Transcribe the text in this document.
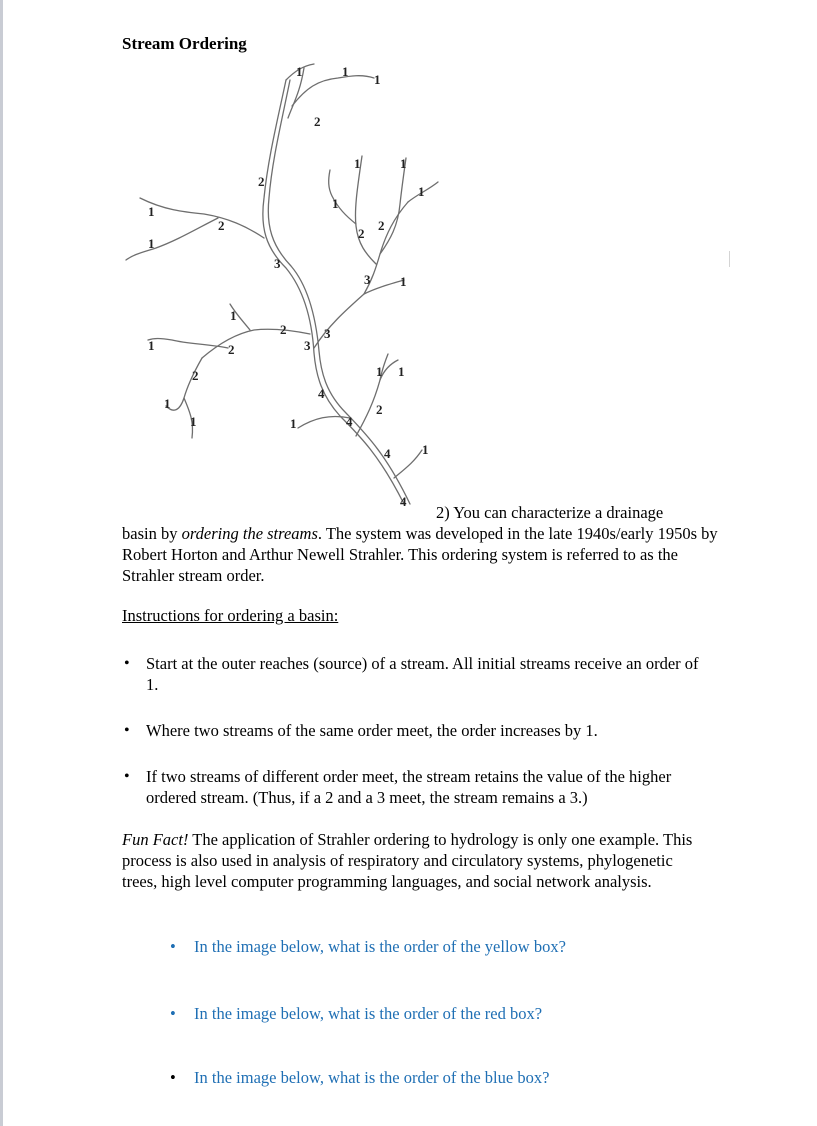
Stream Ordering
1	1
1
2
2
1
1
2
3
1	1
1
1
2
2
3 1
1
2
1	2
2
1
1
3
3
4
1 1
2
1	4
4 1
4
2) You can characterize a drainage

basin by ordering the streams. The system was developed in the late 1940s/early 1950s by Robert Horton and Arthur Newell Strahler. This ordering system is referred to as the Strahler stream order.

Instructions for ordering a basin:
• Start at the outer reaches (source) of a stream. All initial streams receive an order of 1.
• Where two streams of the same order meet, the order increases by 1.
• If two streams of different order meet, the stream retains the value of the higher ordered stream. (Thus, if a 2 and a 3 meet, the stream remains a 3.)

Fun Fact! The application of Strahler ordering to hydrology is only one example. This process is also used in analysis of respiratory and circulatory systems, phylogenetic trees, high level computer programming languages, and social network analysis.

• In the image below, what is the order of the yellow box?
• In the image below, what is the order of the red box?
• In the image below, what is the order of the blue box?
